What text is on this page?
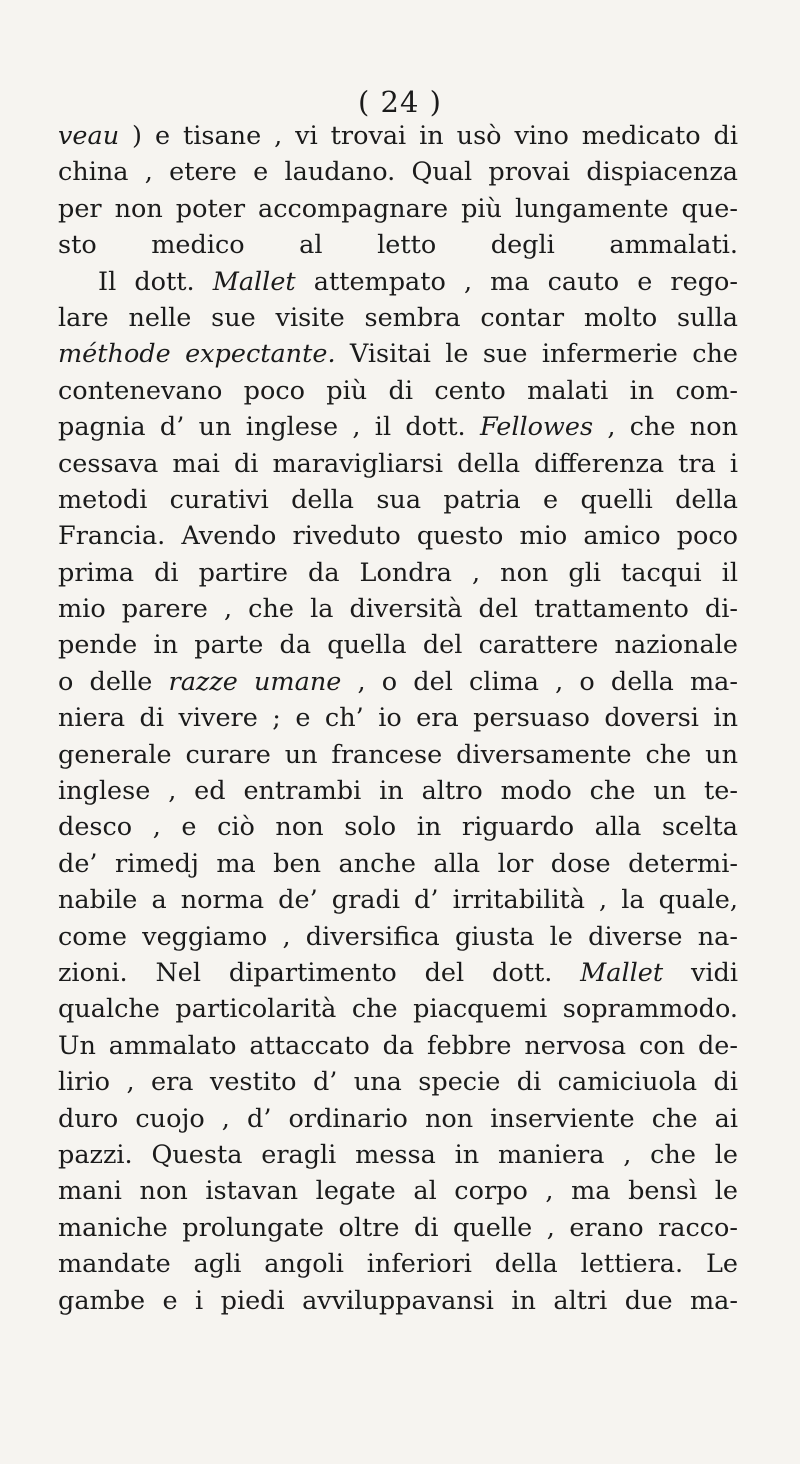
( 24 )
veau ) e tisane , vi trovai in usò vino medicato di
china , etere e laudano. Qual provai dispiacenza
per non poter accompagnare più lungamente que-
sto medico al letto degli ammalati.
Il dott. Mallet attempato , ma cauto e rego-
lare nelle sue visite sembra contar molto sulla
méthode expectante. Visitai le sue infermerie che
contenevano poco più di cento malati in com-
pagnia d’ un inglese , il dott. Fellowes , che non
cessava mai di maravigliarsi della differenza tra i
metodi curativi della sua patria e quelli della
Francia. Avendo riveduto questo mio amico poco
prima di partire da Londra , non gli tacqui il
mio parere , che la diversità del trattamento di-
pende in parte da quella del carattere nazionale
o delle razze umane , o del clima , o della ma-
niera di vivere ; e ch’ io era persuaso doversi in
generale curare un francese diversamente che un
inglese , ed entrambi in altro modo che un te-
desco , e ciò non solo in riguardo alla scelta
de’ rimedj ma ben anche alla lor dose determi-
nabile a norma de’ gradi d’ irritabilità , la quale,
come veggiamo , diversifica giusta le diverse na-
zioni. Nel dipartimento del dott. Mallet vidi
qualche particolarità che piacquemi soprammodo.
Un ammalato attaccato da febbre nervosa con de-
lirio , era vestito d’ una specie di camiciuola di
duro cuojo , d’ ordinario non inserviente che ai
pazzi. Questa eragli messa in maniera , che le
mani non istavan legate al corpo , ma bensì le
maniche prolungate oltre di quelle , erano racco-
mandate agli angoli inferiori della lettiera. Le
gambe e i piedi avviluppavansi in altri due ma-
